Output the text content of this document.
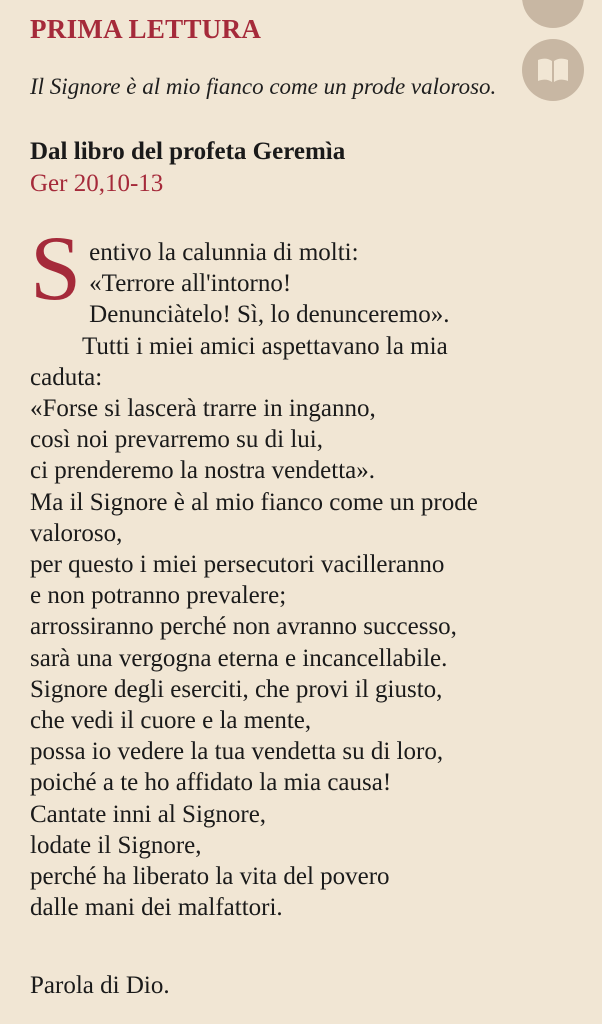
PRIMA LETTURA
Il Signore è al mio fianco come un prode valoroso.
Dal libro del profeta Geremìa
Ger 20,10-13
S entivo la calunnia di molti:
«Terrore all'intorno!
Denunciàtelo! Sì, lo denunceremo».
Tutti i miei amici aspettavano la mia
caduta:
«Forse si lascerà trarre in inganno,
così noi prevarremo su di lui,
ci prenderemo la nostra vendetta».
Ma il Signore è al mio fianco come un prode
valoroso,
per questo i miei persecutori vacilleranno
e non potranno prevalere;
arrossiranno perché non avranno successo,
sarà una vergogna eterna e incancellabile.
Signore degli eserciti, che provi il giusto,
che vedi il cuore e la mente,
possa io vedere la tua vendetta su di loro,
poiché a te ho affidato la mia causa!
Cantate inni al Signore,
lodate il Signore,
perché ha liberato la vita del povero
dalle mani dei malfattori.
Parola di Dio.
